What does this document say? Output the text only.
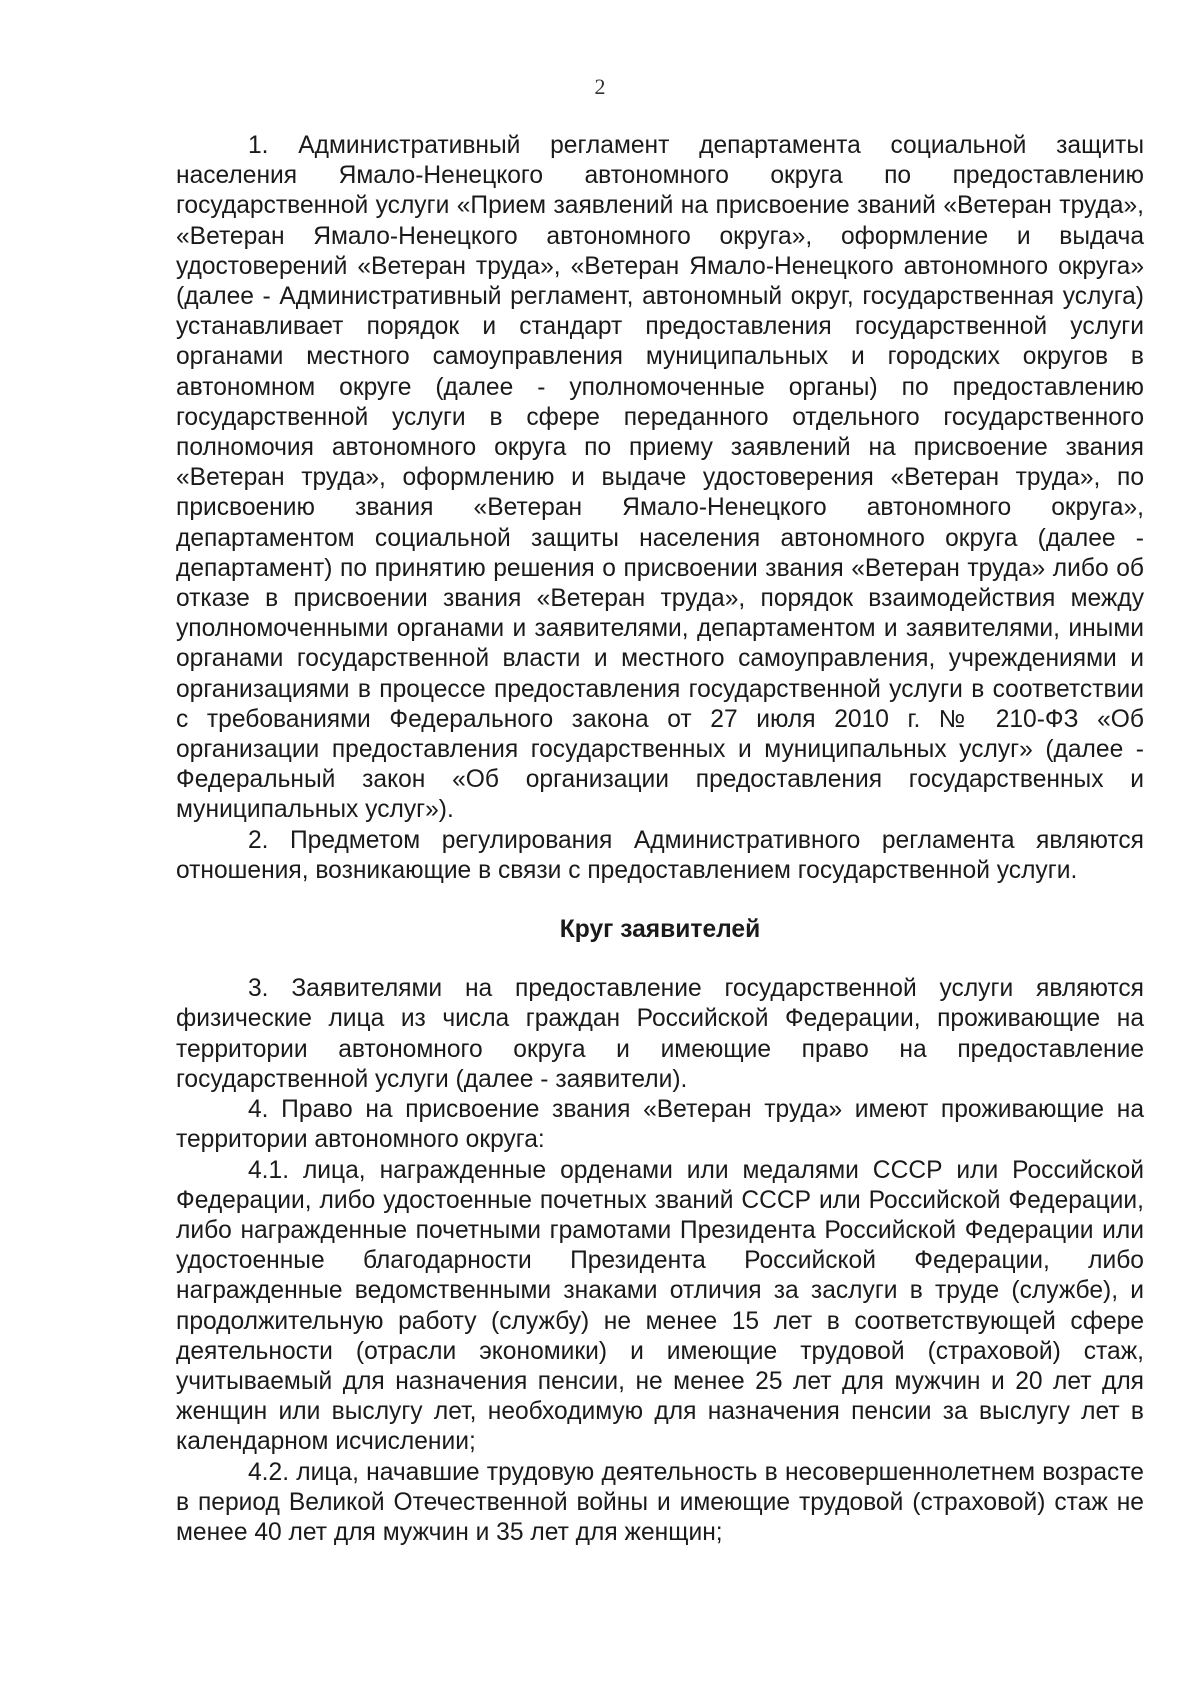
2

1. Административный регламент департамента социальной защиты населения Ямало-Ненецкого автономного округа по предоставлению государственной услуги «Прием заявлений на присвоение званий «Ветеран труда», «Ветеран Ямало-Ненецкого автономного округа», оформление и выдача удостоверений «Ветеран труда», «Ветеран Ямало-Ненецкого автономного округа» (далее - Административный регламент, автономный округ, государственная услуга) устанавливает порядок и стандарт предоставления государственной услуги органами местного самоуправления муниципальных и городских округов в автономном округе (далее - уполномоченные органы) по предоставлению государственной услуги в сфере переданного отдельного государственного полномочия автономного округа по приему заявлений на присвоение звания «Ветеран труда», оформлению и выдаче удостоверения «Ветеран труда», по присвоению звания «Ветеран Ямало-Ненецкого автономного округа», департаментом социальной защиты населения автономного округа (далее - департамент) по принятию решения о присвоении звания «Ветеран труда» либо об отказе в присвоении звания «Ветеран труда», порядок взаимодействия между уполномоченными органами и заявителями, департаментом и заявителями, иными органами государственной власти и местного самоуправления, учреждениями и организациями в процессе предоставления государственной услуги в соответствии с требованиями Федерального закона от 27 июля 2010 г. № 210-ФЗ «Об организации предоставления государственных и муниципальных услуг» (далее - Федеральный закон «Об организации предоставления государственных и муниципальных услуг»).

2. Предметом регулирования Административного регламента являются отношения, возникающие в связи с предоставлением государственной услуги.

Круг заявителей

3. Заявителями на предоставление государственной услуги являются физические лица из числа граждан Российской Федерации, проживающие на территории автономного округа и имеющие право на предоставление государственной услуги (далее - заявители).

4. Право на присвоение звания «Ветеран труда» имеют проживающие на территории автономного округа:

4.1. лица, награжденные орденами или медалями СССР или Российской Федерации, либо удостоенные почетных званий СССР или Российской Федерации, либо награжденные почетными грамотами Президента Российской Федерации или удостоенные благодарности Президента Российской Федерации, либо награжденные ведомственными знаками отличия за заслуги в труде (службе), и продолжительную работу (службу) не менее 15 лет в соответствующей сфере деятельности (отрасли экономики) и имеющие трудовой (страховой) стаж, учитываемый для назначения пенсии, не менее 25 лет для мужчин и 20 лет для женщин или выслугу лет, необходимую для назначения пенсии за выслугу лет в календарном исчислении;

4.2. лица, начавшие трудовую деятельность в несовершеннолетнем возрасте в период Великой Отечественной войны и имеющие трудовой (страховой) стаж не менее 40 лет для мужчин и 35 лет для женщин;
